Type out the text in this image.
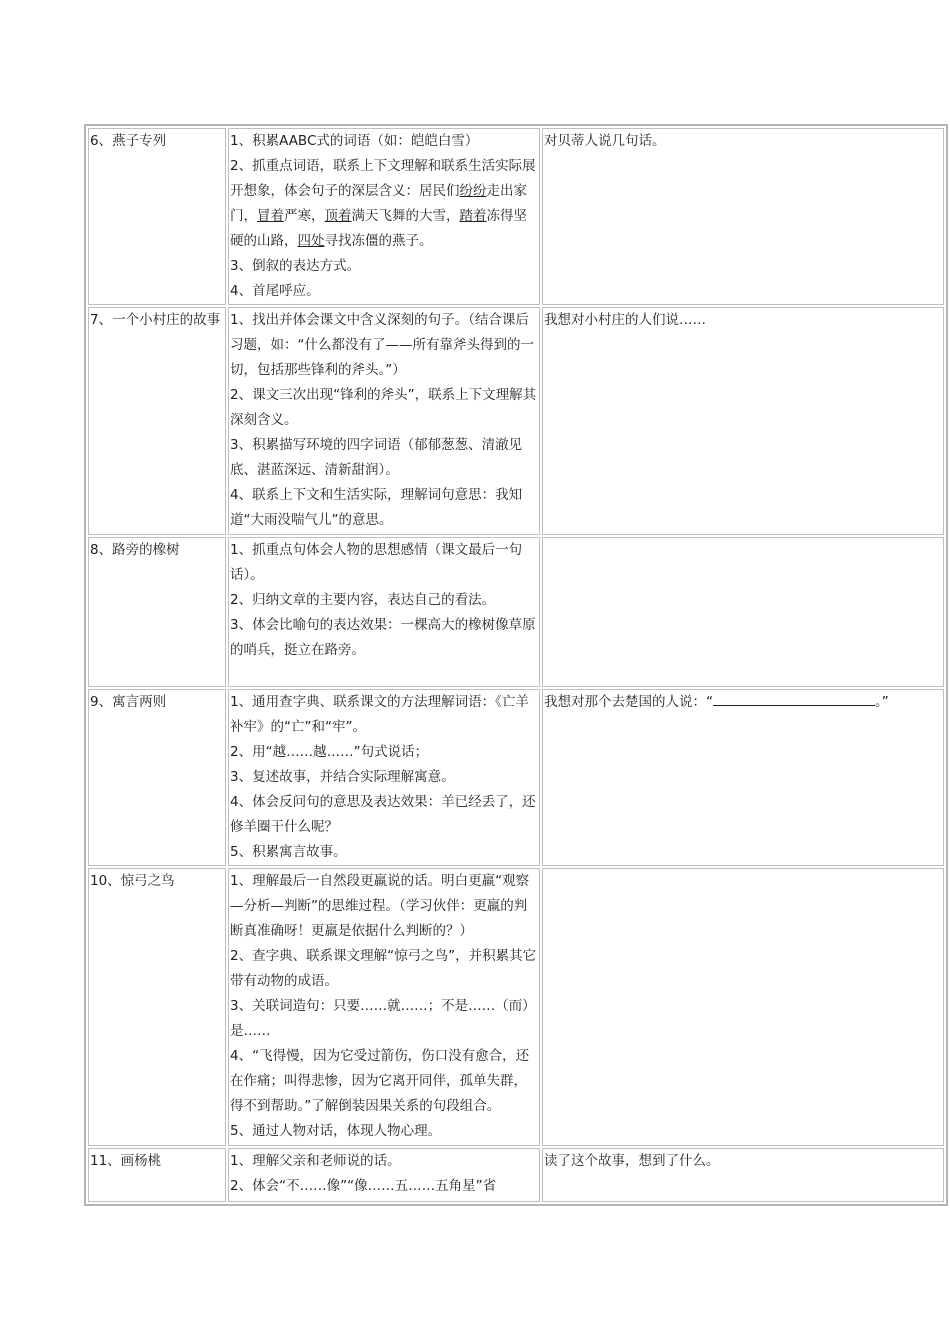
6、燕子专列	1、积累AABC式的词语（如：皑皑白雪）
2、抓重点词语，联系上下文理解和联系生活实际展开想象，体会句子的深层含义：居民们纷纷走出家门，冒着严寒，顶着满天飞舞的大雪，踏着冻得坚硬的山路，四处寻找冻僵的燕子。
3、倒叙的表达方式。
4、首尾呼应。	对贝蒂人说几句话。
7、一个小村庄的故事	1、找出并体会课文中含义深刻的句子。（结合课后习题，如：“什么都没有了——所有靠斧头得到的一切，包括那些锋利的斧头。”）
2、课文三次出现“锋利的斧头”，联系上下文理解其深刻含义。
3、积累描写环境的四字词语（郁郁葱葱、清澈见底、湛蓝深远、清新甜润）。
4、联系上下文和生活实际，理解词句意思：我知道“大雨没喘气儿”的意思。	我想对小村庄的人们说……
8、路旁的橡树	1、抓重点句体会人物的思想感情（课文最后一句话）。
2、归纳文章的主要内容，表达自己的看法。
3、体会比喻句的表达效果：一棵高大的橡树像草原的哨兵，挺立在路旁。	

9、寓言两则	1、通用查字典、联系课文的方法理解词语：《亡羊补牢》的“亡”和“牢”。
2、用“越……越……”句式说话；
3、复述故事，并结合实际理解寓意。
4、体会反问句的意思及表达效果：羊已经丢了，还修羊圈干什么呢？
5、积累寓言故事。	我想对那个去楚国的人说：“ 。”
10、惊弓之鸟	1、理解最后一自然段更羸说的话。明白更羸“观察—分析—判断”的思维过程。（学习伙伴：更羸的判断真准确呀！更羸是依据什么判断的？）
2、查字典、联系课文理解“惊弓之鸟”，并积累其它带有动物的成语。
3、关联词造句：只要……就……；不是……（而）是……
4、“飞得慢，因为它受过箭伤，伤口没有愈合，还在作痛；叫得悲惨，因为它离开同伴，孤单失群，得不到帮助。”了解倒装因果关系的句段组合。
5、通过人物对话，体现人物心理。	

11、画杨桃	1、理解父亲和老师说的话。
2、体会“不……像”“像……五……五角星”省	读了这个故事，想到了什么。
